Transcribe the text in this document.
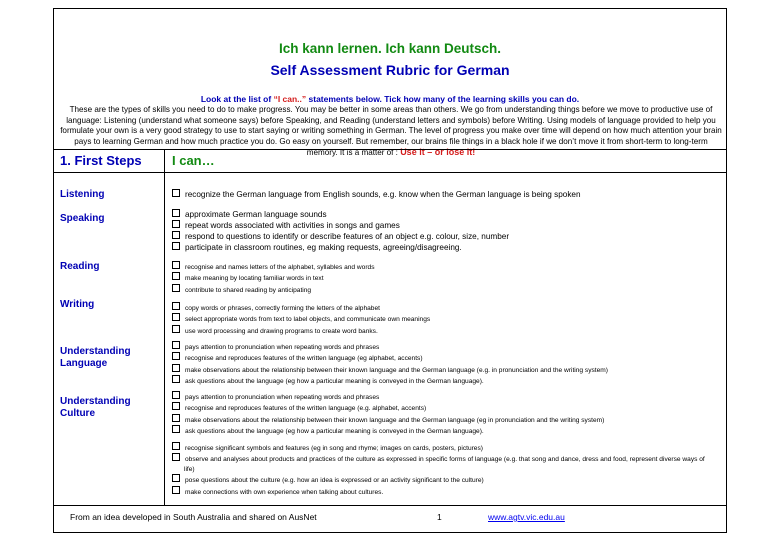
Ich kann lernen. Ich kann Deutsch.
Self Assessment Rubric for German
Look at the list of “I can..” statements below. Tick how many of the learning skills you can do.
These are the types of skills you need to do to make progress. You may be better in some areas than others. We go from understanding things before we move to productive use of language: Listening (understand what someone says) before Speaking, and Reading (understand letters and symbols) before Writing. Using models of language provided to help you formulate your own is a very good strategy to use to start saying or writing something in German. The level of progress you make over time will depend on how much attention your brain pays to learning German and how much practice you do. Go easy on yourself. But remember, our brains file things in a black hole if we don’t move it from short-term to long-term memory. It is a matter of : Use it – or lose it!
1. First Steps I can…
Listening	recognize the German language from English sounds, e.g. know when the German language is being spoken
Speaking	approximate German language sounds
repeat words associated with activities in songs and games
respond to questions to identify or describe features of an object e.g. colour, size, number
participate in classroom routines, eg making requests, agreeing/disagreeing.
Reading	recognise and names letters of the alphabet, syllables and words
make meaning by locating familiar words in text
contribute to shared reading by anticipating
Writing	copy words or phrases, correctly forming the letters of the alphabet
select appropriate words from text to label objects, and communicate own meanings
use word processing and drawing programs to create word banks.
Understanding Language
pays attention to pronunciation when repeating words and phrases
recognise and reproduces features of the written language (eg alphabet, accents)
make observations about the relationship between their known language and the German language (e.g. in pronunciation and the writing system)
ask questions about the language (eg how a particular meaning is conveyed in the German language).
Understanding Culture
pays attention to pronunciation when repeating words and phrases
recognise and reproduces features of the written language (e.g. alphabet, accents)
make observations about the relationship between their known language and the German language (eg in pronunciation and the writing system)
ask questions about the language (eg how a particular meaning is conveyed in the German language).
recognise significant symbols and features (eg in song and rhyme; images on cards, posters, pictures)
observe and analyses about products and practices of the culture as expressed in specific forms of language (e.g. that song and dance, dress and food, represent diverse ways of life)
pose questions about the culture (e.g. how an idea is expressed or an activity significant to the culture)
make connections with own experience when talking about cultures.
From an idea developed in South Australia and shared on AusNet	1	www.agtv.vic.edu.au
